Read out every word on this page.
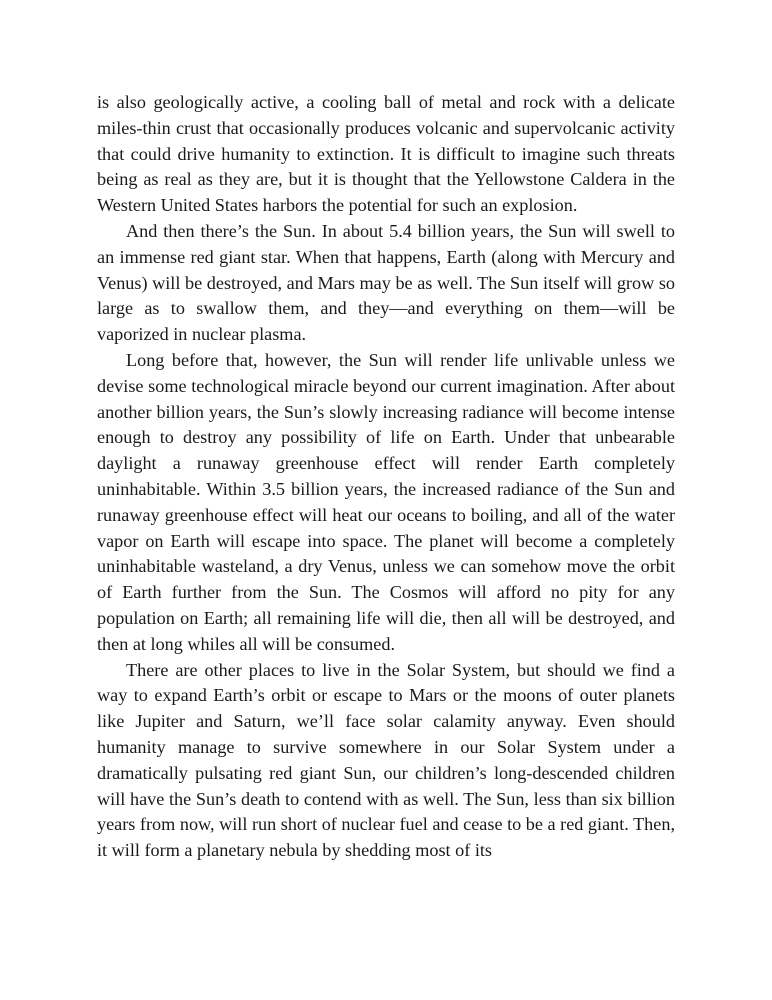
is also geologically active, a cooling ball of metal and rock with a delicate miles-thin crust that occasionally produces volcanic and supervolcanic activity that could drive humanity to extinction. It is difficult to imagine such threats being as real as they are, but it is thought that the Yellowstone Caldera in the Western United States harbors the potential for such an explosion.

And then there’s the Sun. In about 5.4 billion years, the Sun will swell to an immense red giant star. When that happens, Earth (along with Mercury and Venus) will be destroyed, and Mars may be as well. The Sun itself will grow so large as to swallow them, and they—and everything on them—will be vaporized in nuclear plasma.

Long before that, however, the Sun will render life unlivable unless we devise some technological miracle beyond our current imagination. After about another billion years, the Sun’s slowly increasing radiance will become intense enough to destroy any possibility of life on Earth. Under that unbearable daylight a runaway greenhouse effect will render Earth completely uninhabitable. Within 3.5 billion years, the increased radiance of the Sun and runaway greenhouse effect will heat our oceans to boiling, and all of the water vapor on Earth will escape into space. The planet will become a completely uninhabitable wasteland, a dry Venus, unless we can somehow move the orbit of Earth further from the Sun. The Cosmos will afford no pity for any population on Earth; all remaining life will die, then all will be destroyed, and then at long whiles all will be consumed.

There are other places to live in the Solar System, but should we find a way to expand Earth’s orbit or escape to Mars or the moons of outer planets like Jupiter and Saturn, we’ll face solar calamity anyway. Even should humanity manage to survive somewhere in our Solar System under a dramatically pulsating red giant Sun, our children’s long-descended children will have the Sun’s death to contend with as well. The Sun, less than six billion years from now, will run short of nuclear fuel and cease to be a red giant. Then, it will form a planetary nebula by shedding most of its
